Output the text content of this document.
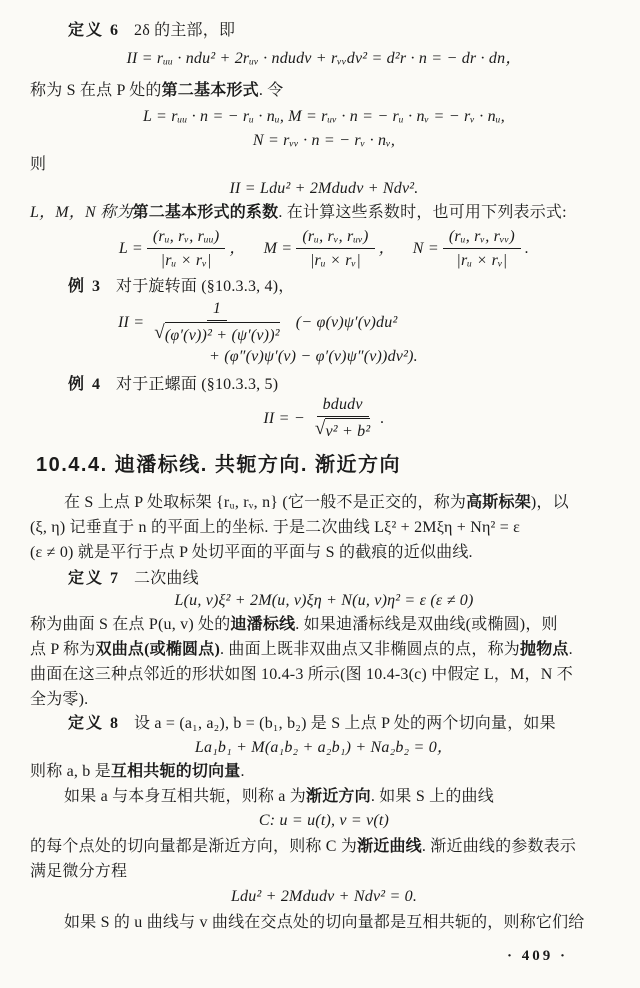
定义 6 2δ 的主部，即
II = rᵤᵤ · ndu² + 2rᵤᵥ · ndudv + rᵥᵥdv² = d²r · n = − dr · dn，
称为 S 在点 P 处的第二基本形式. 令
L = rᵤᵤ · n = − rᵤ · nᵤ, M = rᵤᵥ · n = − rᵤ · nᵥ = − rᵥ · nᵤ,
N = rᵥᵥ · n = − rᵥ · nᵥ,
则
II = Ldu² + 2Mdudv + Ndv².
L，M，N 称为第二基本形式的系数. 在计算这些系数时，也可用下列表示式:
$L = \frac{\text{(rᵤ, rᵥ, rᵤᵤ)}}{\text{|rᵤ × rᵥ|}}$ ， $M = \frac{\text{(rᵤ, rᵥ, rᵤᵥ)}}{\text{|rᵤ × rᵥ|}}$ ， $N = \frac{\text{(rᵤ, rᵥ, rᵥᵥ)}}{\text{|rᵤ × rᵥ|}}$ .
例 3 对于旋转面 (§10.3.3, 4)，
II = $\frac{1}{\text{√ (φ′(v))² + (ψ′(v))²}}$ (− φ(v)ψ′(v)du²
+ (φ″(v)ψ′(v) − φ′(v)ψ″(v))dv²).
例 4 对于正螺面 (§10.3.3, 5)
II = − $\frac{\text{bdudv}}{\text{√ v² + b²}}$ .
10.4.4. 迪潘标线. 共轭方向. 渐近方向
在 S 上点 P 处取标架 {rᵤ, rᵥ, n} (它一般不是正交的，称为高斯标架)，以
(ξ, η) 记垂直于 n 的平面上的坐标. 于是二次曲线 Lξ² + 2Mξη + Nη² = ε
(ε ≠ 0) 就是平行于点 P 处切平面的平面与 S 的截痕的近似曲线.
定义 7 二次曲线
L(u, v)ξ² + 2M(u, v)ξη + N(u, v)η² = ε (ε ≠ 0)
称为曲面 S 在点 P(u, v) 处的迪潘标线. 如果迪潘标线是双曲线(或椭圆)，则
点 P 称为双曲点(或椭圆点). 曲面上既非双曲点又非椭圆点的点，称为抛物点.
曲面在这三种点邻近的形状如图 10.4-3 所示(图 10.4-3(c) 中假定 L，M，N 不
全为零).
定义 8 设 a = (a₁, a₂), b = (b₁, b₂) 是 S 上点 P 处的两个切向量，如果
La₁b₁ + M(a₁b₂ + a₂b₁) + Na₂b₂ = 0，
则称 a, b 是互相共轭的切向量.
如果 a 与本身互相共轭，则称 a 为渐近方向. 如果 S 上的曲线
C: u = u(t), v = v(t)
的每个点处的切向量都是渐近方向，则称 C 为渐近曲线. 渐近曲线的参数表示
满足微分方程
Ldu² + 2Mdudv + Ndv² = 0.
如果 S 的 u 曲线与 v 曲线在交点处的切向量都是互相共轭的，则称它们给
· 409 ·
